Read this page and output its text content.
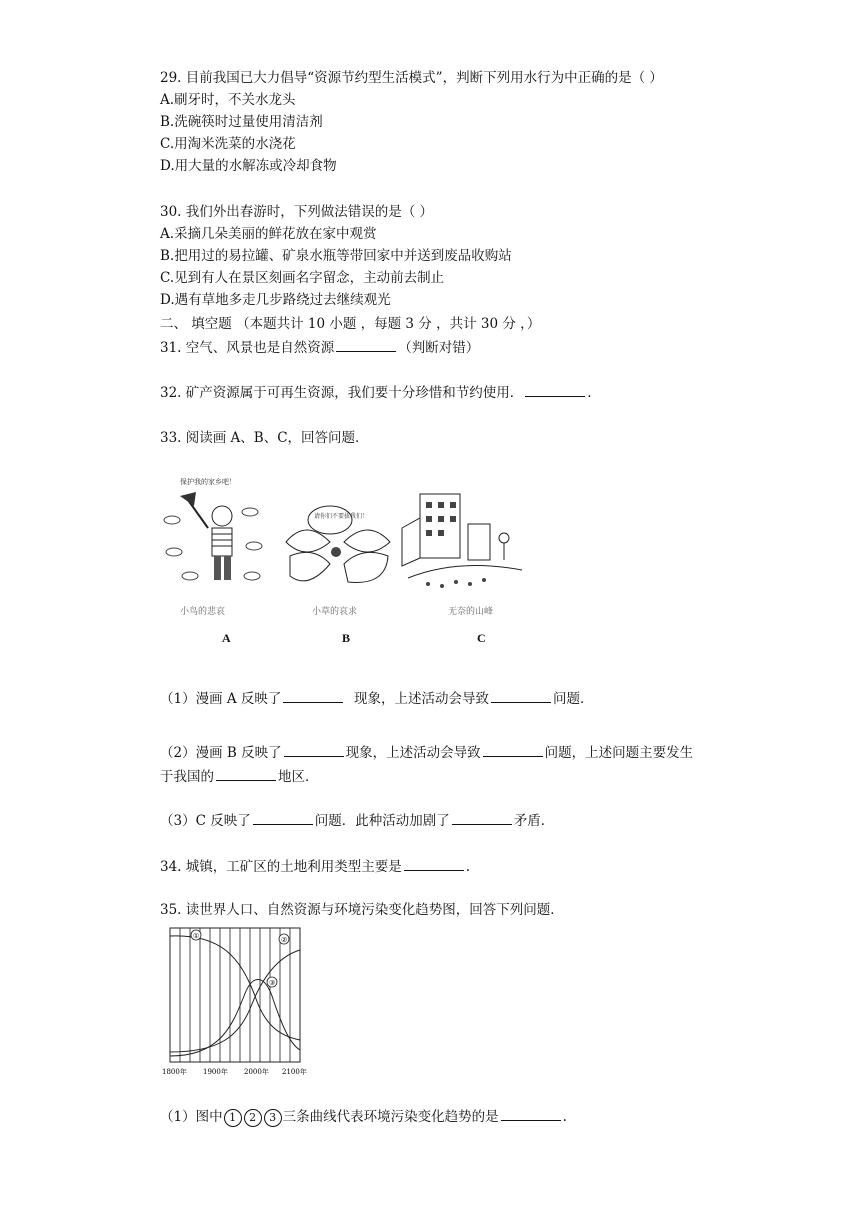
29. 目前我国已大力倡导“资源节约型生活模式”，判断下列用水行为中正确的是（ ）
A.刷牙时，不关水龙头
B.洗碗筷时过量使用清洁剂
C.用淘米洗菜的水浇花
D.用大量的水解冻或冷却食物
30. 我们外出春游时，下列做法错误的是（ ）
A.采摘几朵美丽的鲜花放在家中观赏
B.把用过的易拉罐、矿泉水瓶等带回家中并送到废品收购站
C.见到有人在景区刻画名字留念，主动前去制止
D.遇有草地多走几步路绕过去继续观光
二、 填空题 （本题共计 10 小题 ，每题 3 分 ，共计 30 分 ，）
31. 空气、风景也是自然资源	（判断对错）
32. 矿产资源属于可再生资源，我们要十分珍惜和节约使用．	.
33. 阅读画 A、B、C，回答问题．
保护我的家乡吧！
小鸟的悲哀
A
请你们不要拔我们！
小草的哀求
B
无奈的山峰
C
（1）漫画 A 反映了	现象，上述活动会导致	问题．
（2）漫画 B 反映了	现象，上述活动会导致	问题，上述问题主要发生
于我国的	地区．
（3）C 反映了	问题．此种活动加剧了	矛盾．
34. 城镇，工矿区的土地利用类型主要是	.
35. 读世界人口、自然资源与环境污染变化趋势图，回答下列问题．
①	②
③
1800年 1900年 2000年 2100年
（1）图中 1 2 3 三条曲线代表环境污染变化趋势的是	.
